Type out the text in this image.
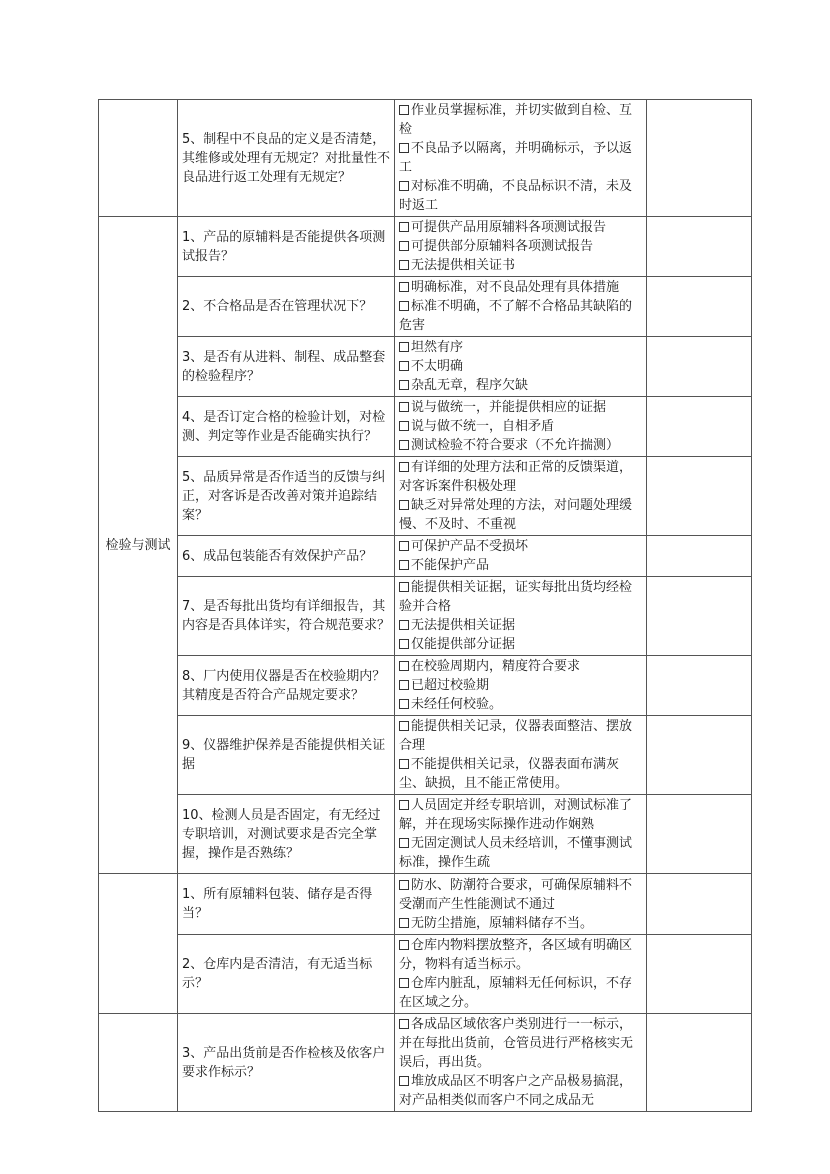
	5、制程中不良品的定义是否清楚，其维修或处理有无规定？对批量性不良品进行返工处理有无规定？	作业员掌握标准，并切实做到自检、互检
不良品予以隔离，并明确标示，予以返工
对标准不明确，不良品标识不清，未及时返工	

检验与测试	1、产品的原辅料是否能提供各项测试报告？	可提供产品用原辅料各项测试报告
可提供部分原辅料各项测试报告
无法提供相关证书	

	2、不合格品是否在管理状况下？	明确标准，对不良品处理有具体措施
标准不明确，不了解不合格品其缺陷的危害	

	3、是否有从进料、制程、成品整套的检验程序？	坦然有序
不太明确
杂乱无章，程序欠缺	

	4、是否订定合格的检验计划，对检测、判定等作业是否能确实执行？	说与做统一，并能提供相应的证据
说与做不统一，自相矛盾
测试检验不符合要求（不允许揣测）	

	5、品质异常是否作适当的反馈与纠正，对客诉是否改善对策并追踪结案？	有详细的处理方法和正常的反馈渠道，对客诉案件积极处理
缺乏对异常处理的方法，对问题处理缓慢、不及时、不重视	

	6、成品包装能否有效保护产品？	可保护产品不受损坏
不能保护产品	

	7、是否每批出货均有详细报告，其内容是否具体详实，符合规范要求？	能提供相关证据，证实每批出货均经检验并合格
无法提供相关证据
仅能提供部分证据	

	8、厂内使用仪器是否在校验期内？其精度是否符合产品规定要求？	在校验周期内，精度符合要求
已超过校验期
未经任何校验。	

	9、仪器维护保养是否能提供相关证据	能提供相关记录，仪器表面整洁、摆放合理
不能提供相关记录，仪器表面布满灰尘、缺损，且不能正常使用。	

	10、检测人员是否固定，有无经过专职培训，对测试要求是否完全掌握，操作是否熟练？	人员固定并经专职培训，对测试标准了解，并在现场实际操作进动作娴熟
无固定测试人员未经培训，不懂事测试标准，操作生疏	

	1、所有原辅料包装、储存是否得当？	防水、防潮符合要求，可确保原辅料不受潮而产生性能测试不通过
无防尘措施，原辅料储存不当。	

	2、仓库内是否清洁，有无适当标示？	仓库内物料摆放整齐，各区域有明确区分，物料有适当标示。
仓库内脏乱，原辅料无任何标识，不存在区域之分。	

	3、产品出货前是否作检核及依客户要求作标示？	各成品区域依客户类别进行一一标示，并在每批出货前，仓管员进行严格核实无误后，再出货。
堆放成品区不明客户之产品极易搞混，对产品相类似而客户不同之成品无	
